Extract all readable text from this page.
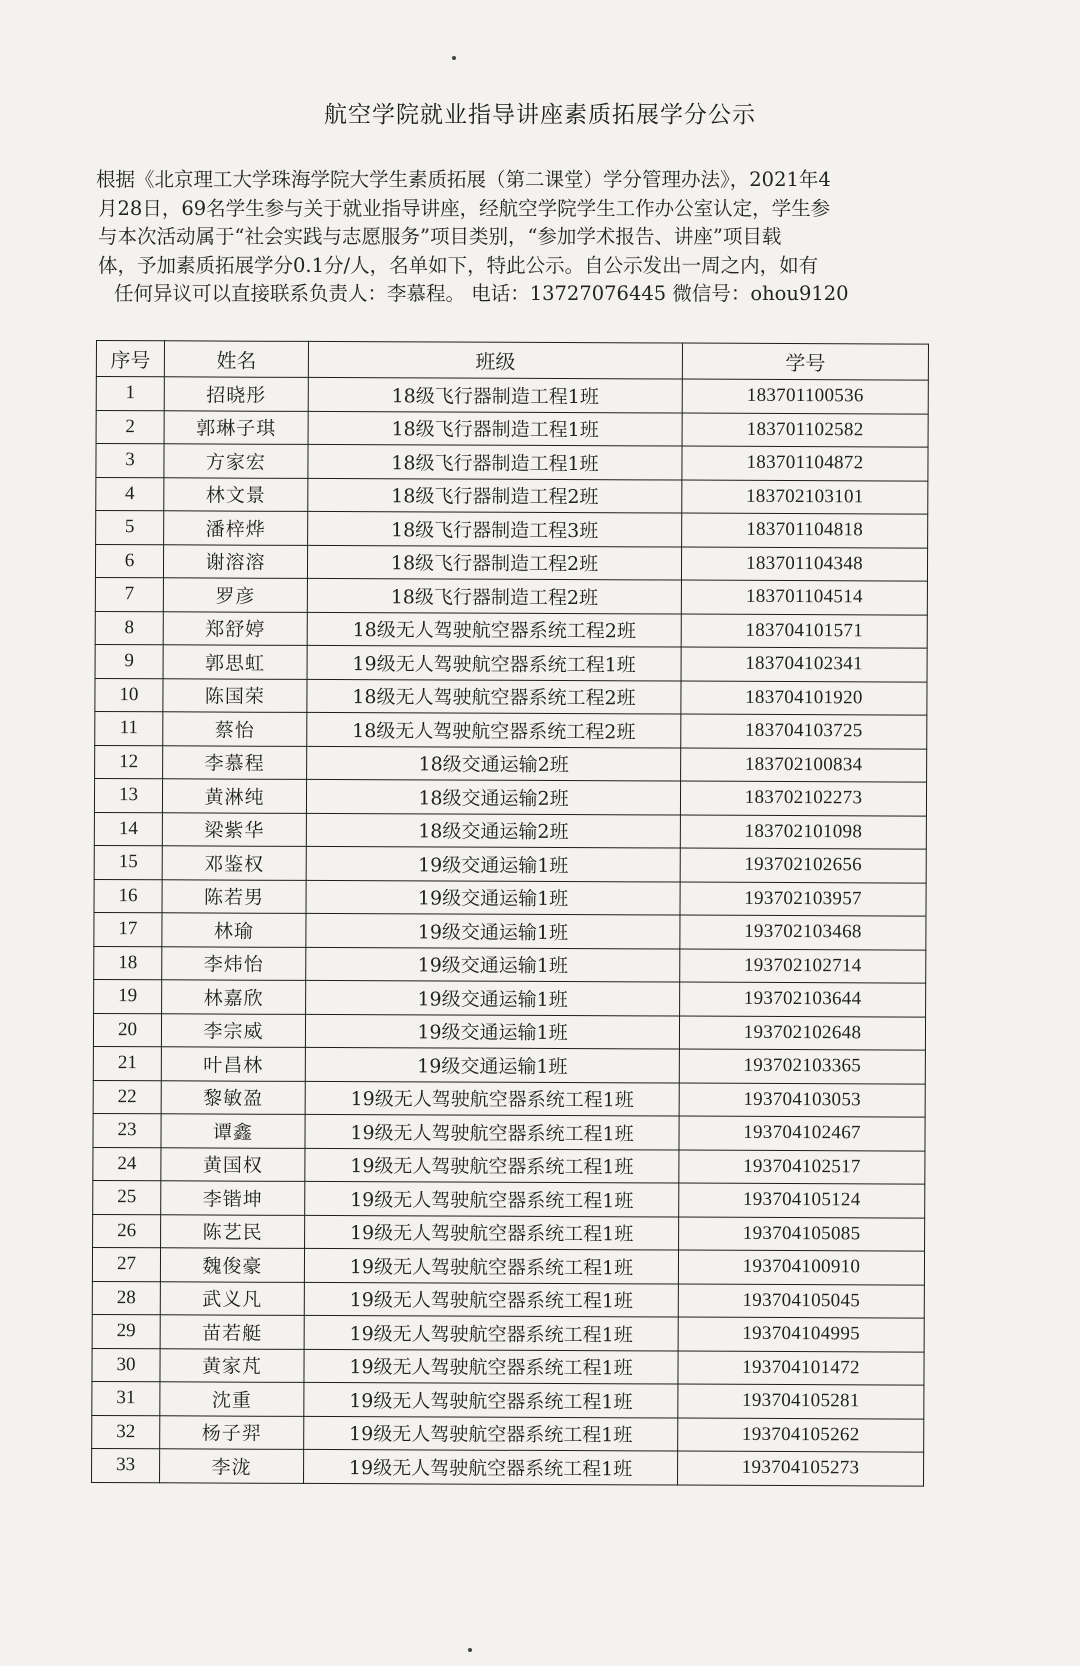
航空学院就业指导讲座素质拓展学分公示
根据《北京理工大学珠海学院大学生素质拓展（第二课堂）学分管理办法》，2021年4
月28日，69名学生参与关于就业指导讲座，经航空学院学生工作办公室认定，学生参
与本次活动属于“社会实践与志愿服务”项目类别，“参加学术报告、讲座”项目载
体，予加素质拓展学分0.1分/人，名单如下，特此公示。自公示发出一周之内，如有
任何异议可以直接联系负责人：李慕程。 电话：13727076445 微信号：ohou9120
序号	姓名	班级	学号
1	招晓彤	18级飞行器制造工程1班	183701100536
2	郭琳子琪	18级飞行器制造工程1班	183701102582
3	方家宏	18级飞行器制造工程1班	183701104872
4	林文景	18级飞行器制造工程2班	183702103101
5	潘梓烨	18级飞行器制造工程3班	183701104818
6	谢溶溶	18级飞行器制造工程2班	183701104348
7	罗彦	18级飞行器制造工程2班	183701104514
8	郑舒婷	18级无人驾驶航空器系统工程2班	183704101571
9	郭思虹	19级无人驾驶航空器系统工程1班	183704102341
10	陈国荣	18级无人驾驶航空器系统工程2班	183704101920
11	蔡怡	18级无人驾驶航空器系统工程2班	183704103725
12	李慕程	18级交通运输2班	183702100834
13	黄淋纯	18级交通运输2班	183702102273
14	梁紫华	18级交通运输2班	183702101098
15	邓鉴权	19级交通运输1班	193702102656
16	陈若男	19级交通运输1班	193702103957
17	林瑜	19级交通运输1班	193702103468
18	李炜怡	19级交通运输1班	193702102714
19	林嘉欣	19级交通运输1班	193702103644
20	李宗威	19级交通运输1班	193702102648
21	叶昌林	19级交通运输1班	193702103365
22	黎敏盈	19级无人驾驶航空器系统工程1班	193704103053
23	谭鑫	19级无人驾驶航空器系统工程1班	193704102467
24	黄国权	19级无人驾驶航空器系统工程1班	193704102517
25	李锴坤	19级无人驾驶航空器系统工程1班	193704105124
26	陈艺民	19级无人驾驶航空器系统工程1班	193704105085
27	魏俊豪	19级无人驾驶航空器系统工程1班	193704100910
28	武义凡	19级无人驾驶航空器系统工程1班	193704105045
29	苗若艇	19级无人驾驶航空器系统工程1班	193704104995
30	黄家芃	19级无人驾驶航空器系统工程1班	193704101472
31	沈重	19级无人驾驶航空器系统工程1班	193704105281
32	杨子羿	19级无人驾驶航空器系统工程1班	193704105262
33	李泷	19级无人驾驶航空器系统工程1班	193704105273
